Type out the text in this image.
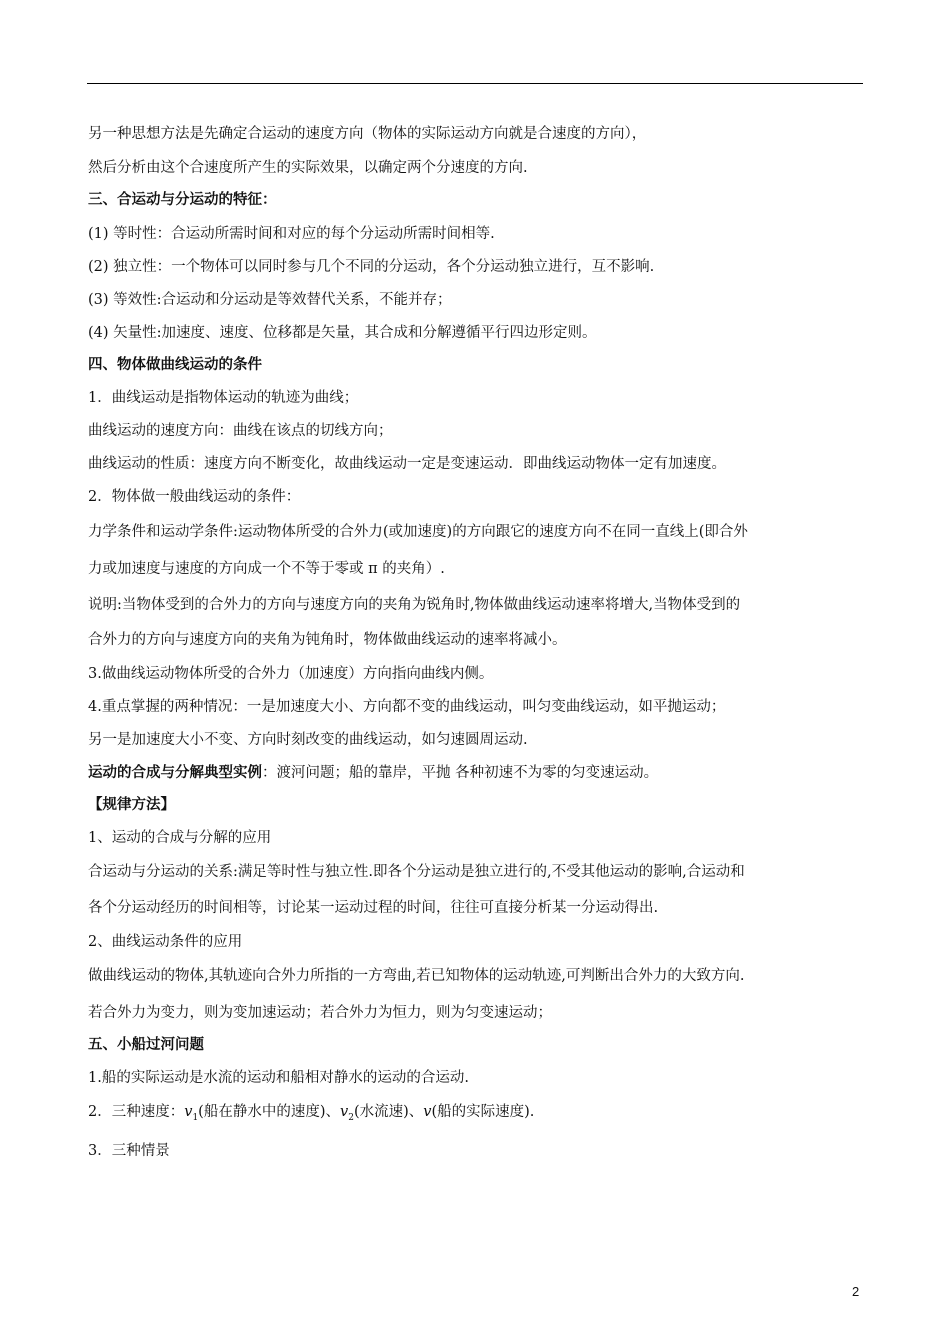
另一种思想方法是先确定合运动的速度方向（物体的实际运动方向就是合速度的方向），
然后分析由这个合速度所产生的实际效果，以确定两个分速度的方向.
三、合运动与分运动的特征：
(1) 等时性：合运动所需时间和对应的每个分运动所需时间相等.
(2) 独立性：一个物体可以同时参与几个不同的分运动，各个分运动独立进行，互不影响.
(3) 等效性:合运动和分运动是等效替代关系，不能并存；
(4) 矢量性:加速度、速度、位移都是矢量，其合成和分解遵循平行四边形定则。
四、物体做曲线运动的条件
1．曲线运动是指物体运动的轨迹为曲线；
曲线运动的速度方向：曲线在该点的切线方向；
曲线运动的性质：速度方向不断变化，故曲线运动一定是变速运动．即曲线运动物体一定有加速度。
2．物体做一般曲线运动的条件：
力学条件和运动学条件:运动物体所受的合外力(或加速度)的方向跟它的速度方向不在同一直线上(即合外
力或加速度与速度的方向成一个不等于零或 π 的夹角）.
说明:当物体受到的合外力的方向与速度方向的夹角为锐角时,物体做曲线运动速率将增大,当物体受到的
合外力的方向与速度方向的夹角为钝角时，物体做曲线运动的速率将减小。
3.做曲线运动物体所受的合外力（加速度）方向指向曲线内侧。
4.重点掌握的两种情况：一是加速度大小、方向都不变的曲线运动，叫匀变曲线运动，如平抛运动；
另一是加速度大小不变、方向时刻改变的曲线运动，如匀速圆周运动.
运动的合成与分解典型实例：渡河问题；船的靠岸，平抛 各种初速不为零的匀变速运动。
【规律方法】
1、运动的合成与分解的应用
合运动与分运动的关系:满足等时性与独立性.即各个分运动是独立进行的,不受其他运动的影响,合运动和
各个分运动经历的时间相等，讨论某一运动过程的时间，往往可直接分析某一分运动得出.
2、曲线运动条件的应用
做曲线运动的物体,其轨迹向合外力所指的一方弯曲,若已知物体的运动轨迹,可判断出合外力的大致方向.
若合外力为变力，则为变加速运动；若合外力为恒力，则为匀变速运动；
五、小船过河问题
1.船的实际运动是水流的运动和船相对静水的运动的合运动.
2．三种速度：$v_1$(船在静水中的速度)、$v_2$(水流速)、v(船的实际速度).
3．三种情景
2
